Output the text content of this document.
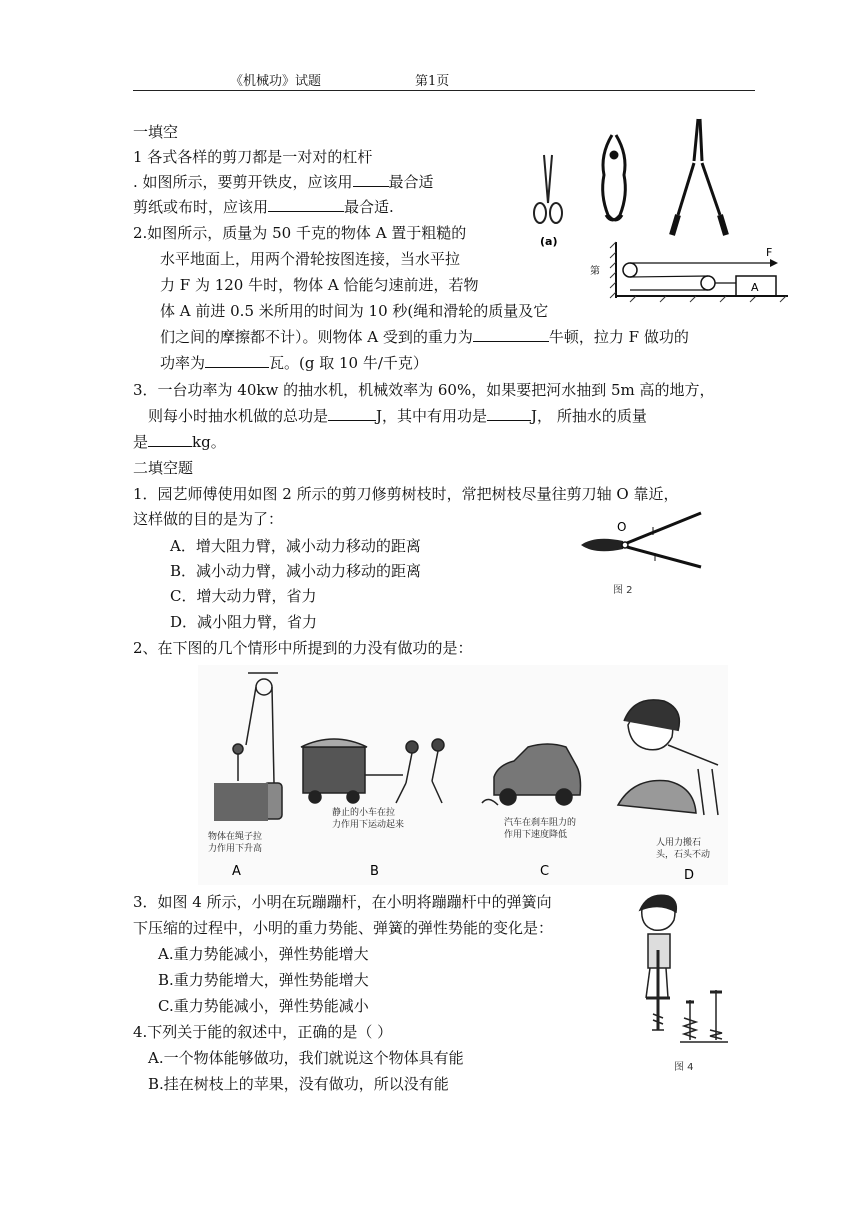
《机械功》试题	第1页
一填空
1 各式各样的剪刀都是一对对的杠杆
. 如图所示，要剪开铁皮，应该用 最合适
剪纸或布时，应该用	最合适.
2.如图所示，质量为 50 千克的物体 A 置于粗糙的
水平地面上，用两个滑轮按图连接，当水平拉
力 F 为 120 牛时，物体 A 恰能匀速前进，若物
体 A 前进 0.5 米所用的时间为 10 秒(绳和滑轮的质量及它
们之间的摩擦都不计）。则物体 A 受到的重力为	牛顿，拉力 F 做功的
功率为	瓦。(g 取 10 牛/千克）
3．一台功率为 40kw 的抽水机，机械效率为 60%，如果要把河水抽到 5m 高的地方，
则每小时抽水机做的总功是	J，其中有用功是	J， 所抽水的质量
是	kg。
二填空题
1．园艺师傅使用如图 2 所示的剪刀修剪树枝时，常把树枝尽量往剪刀轴 O 靠近，
这样做的目的是为了：
A．增大阻力臂，减小动力移动的距离
B．减小动力臂，减小动力移动的距离
C．增大动力臂，省力
D．减小阻力臂，省力
2、在下图的几个情形中所提到的力没有做功的是：
3．如图 4 所示，小明在玩蹦蹦杆，在小明将蹦蹦杆中的弹簧向
下压缩的过程中，小明的重力势能、弹簧的弹性势能的变化是：
A.重力势能减小，弹性势能增大
B.重力势能增大，弹性势能增大
C.重力势能减小，弹性势能减小
4.下列关于能的叙述中，正确的是（ ）
A.一个物体能够做功，我们就说这个物体具有能
B.挂在树枝上的苹果，没有做功，所以没有能
(a)
第
F
A
O
图 2
物体在绳子拉
力作用下升高
A
静止的小车在拉
力作用下运动起来
B
汽车在刹车阻力的
作用下速度降低
C
人用力搬石
头，石头不动
D
图 4
